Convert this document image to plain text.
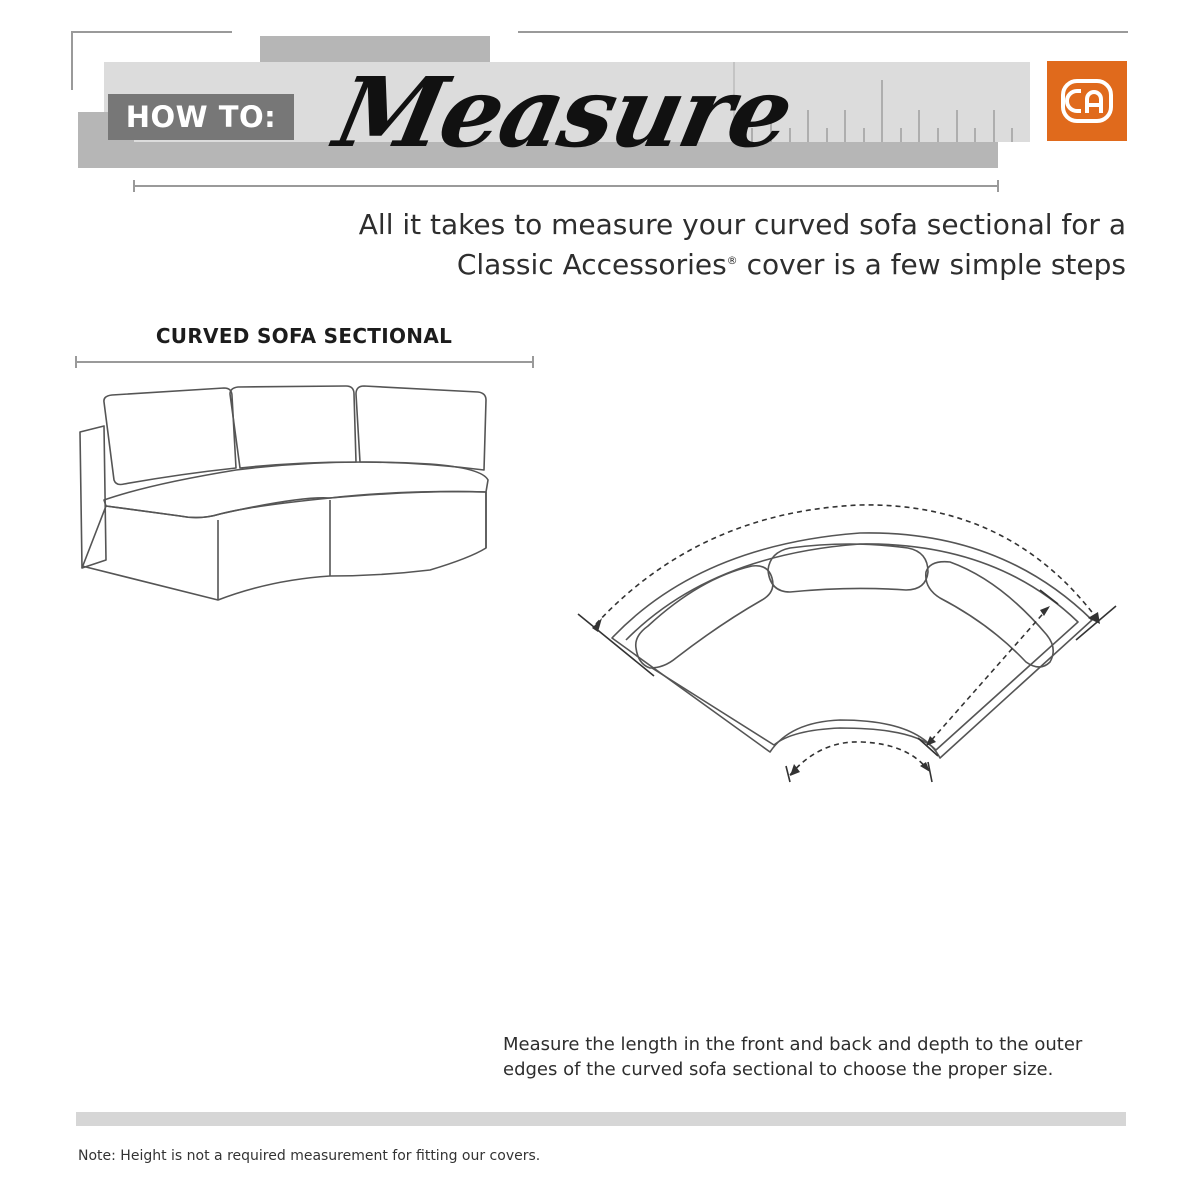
HOW TO: Measure
All it takes to measure your curved sofa sectional for a
Classic Accessories® cover is a few simple steps
CURVED SOFA SECTIONAL
Measure the length in the front and back and depth to the outer edges of the curved sofa sectional to choose the proper size.
Note: Height is not a required measurement for fitting our covers.
